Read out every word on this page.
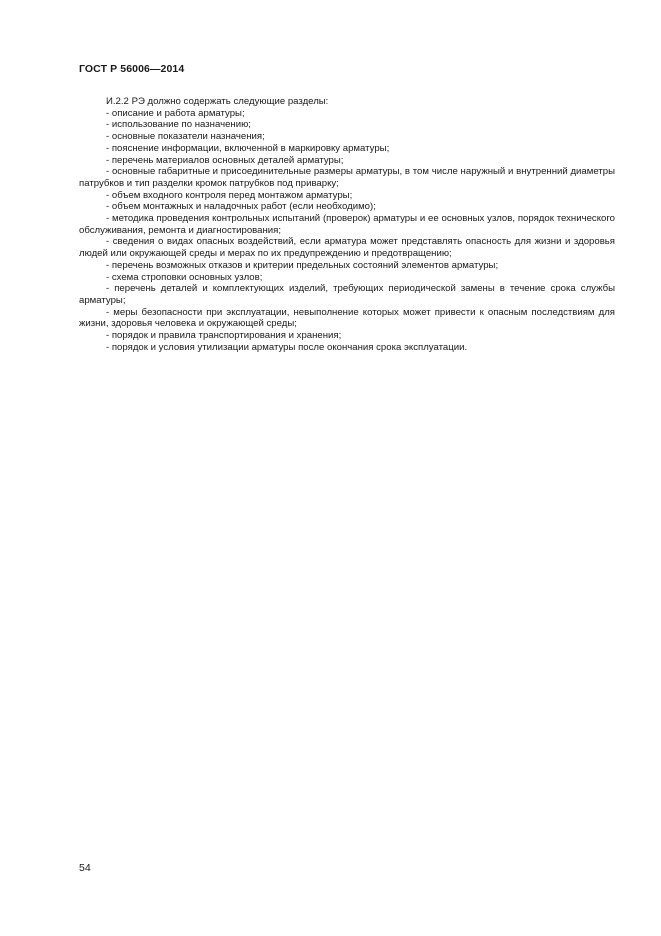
ГОСТ Р 56006—2014

И.2.2 РЭ должно содержать следующие разделы:

- описание и работа арматуры;

- использование по назначению;

- основные показатели назначения;

- пояснение информации, включенной в маркировку арматуры;

- перечень материалов основных деталей арматуры;

- основные габаритные и присоединительные размеры арматуры, в том числе наружный и внутренний диаметры патрубков и тип разделки кромок патрубков под приварку;

- объем входного контроля перед монтажом арматуры;

- объем монтажных и наладочных работ (если необходимо);

- методика проведения контрольных испытаний (проверок) арматуры и ее основных узлов, порядок технического обслуживания, ремонта и диагностирования;

- сведения о видах опасных воздействий, если арматура может представлять опасность для жизни и здоровья людей или окружающей среды и мерах по их предупреждению и предотвращению;

- перечень возможных отказов и критерии предельных состояний элементов арматуры;

- схема строповки основных узлов;

- перечень деталей и комплектующих изделий, требующих периодической замены в течение срока службы арматуры;

- меры безопасности при эксплуатации, невыполнение которых может привести к опасным последствиям для жизни, здоровья человека и окружающей среды;

- порядок и правила транспортирования и хранения;

- порядок и условия утилизации арматуры после окончания срока эксплуатации.

54
